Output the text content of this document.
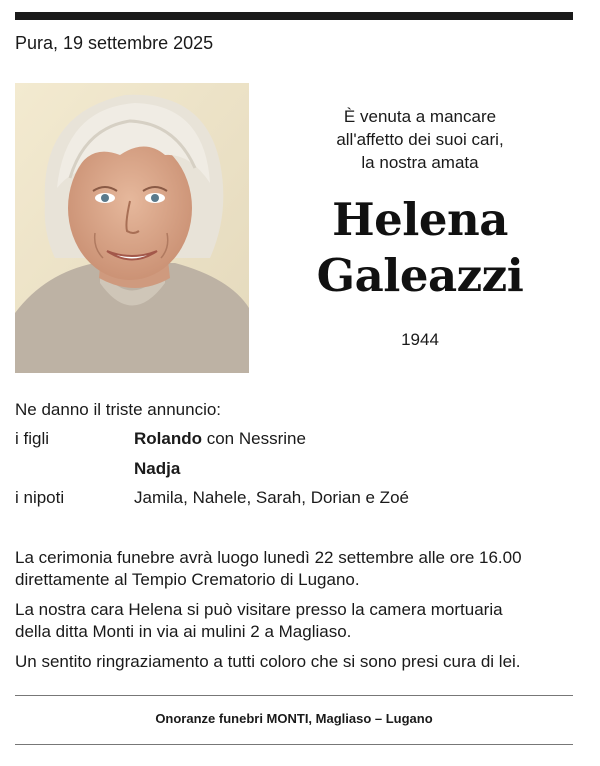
Pura, 19 settembre 2025
È venuta a mancare
all'affetto dei suoi cari,
la nostra amata
Helena
Galeazzi
1944
Ne danno il triste annuncio:
i figli	Rolando con Nessrine
Nadja
i nipoti	Jamila, Nahele, Sarah, Dorian e Zoé
La cerimonia funebre avrà luogo lunedì 22 settembre alle ore 16.00
direttamente al Tempio Crematorio di Lugano.
La nostra cara Helena si può visitare presso la camera mortuaria
della ditta Monti in via ai mulini 2 a Magliaso.
Un sentito ringraziamento a tutti coloro che si sono presi cura di lei.
Onoranze funebri MONTI, Magliaso – Lugano
